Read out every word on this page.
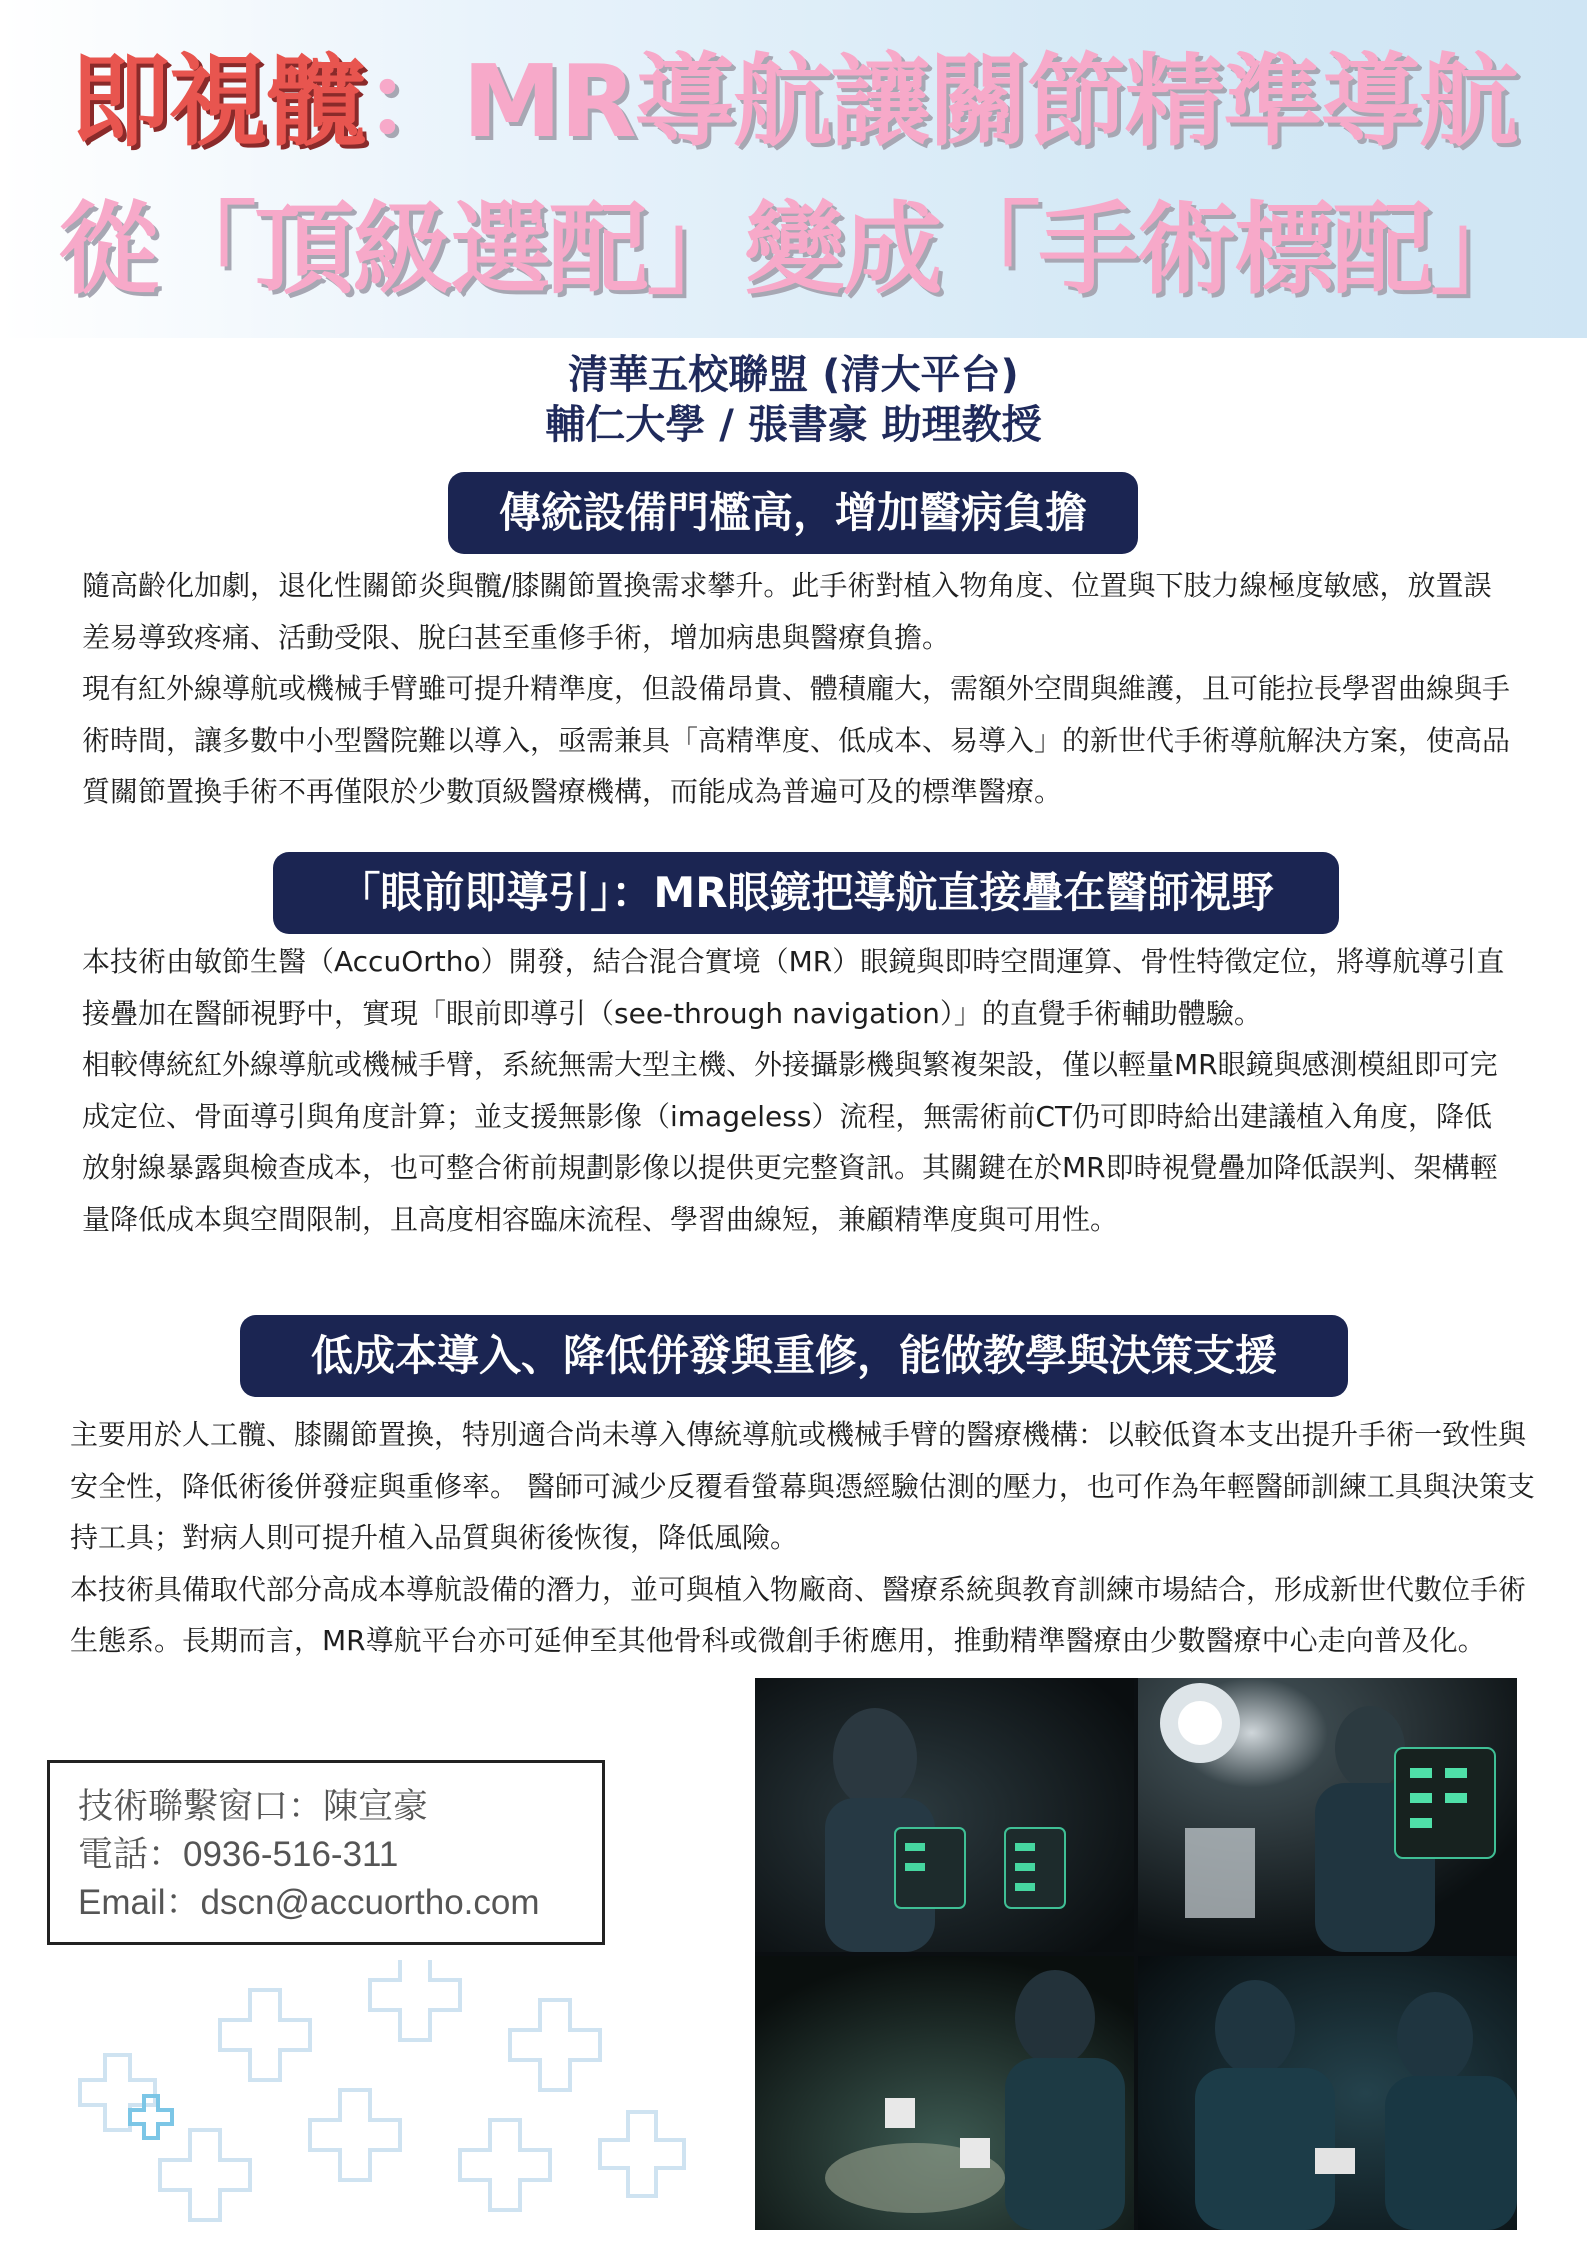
即視髖：MR導航讓關節精準導航
從「頂級選配」變成「手術標配」
清華五校聯盟 (清大平台)
輔仁大學 / 張書豪 助理教授
傳統設備門檻高，增加醫病負擔
隨高齡化加劇，退化性關節炎與髖/膝關節置換需求攀升。此手術對植入物角度、位置與下肢力線極度敏感，放置誤差易導致疼痛、活動受限、脫臼甚至重修手術，增加病患與醫療負擔。
現有紅外線導航或機械手臂雖可提升精準度，但設備昂貴、體積龐大，需額外空間與維護，且可能拉長學習曲線與手術時間，讓多數中小型醫院難以導入，亟需兼具「高精準度、低成本、易導入」的新世代手術導航解決方案，使高品質關節置換手術不再僅限於少數頂級醫療機構，而能成為普遍可及的標準醫療。
「眼前即導引」：MR眼鏡把導航直接疊在醫師視野
本技術由敏節生醫（AccuOrtho）開發，結合混合實境（MR）眼鏡與即時空間運算、骨性特徵定位，將導航導引直接疊加在醫師視野中，實現「眼前即導引（see-through navigation）」的直覺手術輔助體驗。
相較傳統紅外線導航或機械手臂，系統無需大型主機、外接攝影機與繁複架設，僅以輕量MR眼鏡與感測模組即可完成定位、骨面導引與角度計算；並支援無影像（imageless）流程，無需術前CT仍可即時給出建議植入角度，降低放射線暴露與檢查成本，也可整合術前規劃影像以提供更完整資訊。其關鍵在於MR即時視覺疊加降低誤判、架構輕量降低成本與空間限制，且高度相容臨床流程、學習曲線短，兼顧精準度與可用性。
低成本導入、降低併發與重修，能做教學與決策支援
主要用於人工髖、膝關節置換，特別適合尚未導入傳統導航或機械手臂的醫療機構：以較低資本支出提升手術一致性與安全性，降低術後併發症與重修率。 醫師可減少反覆看螢幕與憑經驗估測的壓力，也可作為年輕醫師訓練工具與決策支持工具；對病人則可提升植入品質與術後恢復，降低風險。
本技術具備取代部分高成本導航設備的潛力，並可與植入物廠商、醫療系統與教育訓練市場結合，形成新世代數位手術生態系。長期而言，MR導航平台亦可延伸至其他骨科或微創手術應用，推動精準醫療由少數醫療中心走向普及化。
技術聯繫窗口：陳宣豪
電話：0936-516-311
Email：dscn@accuortho.com
